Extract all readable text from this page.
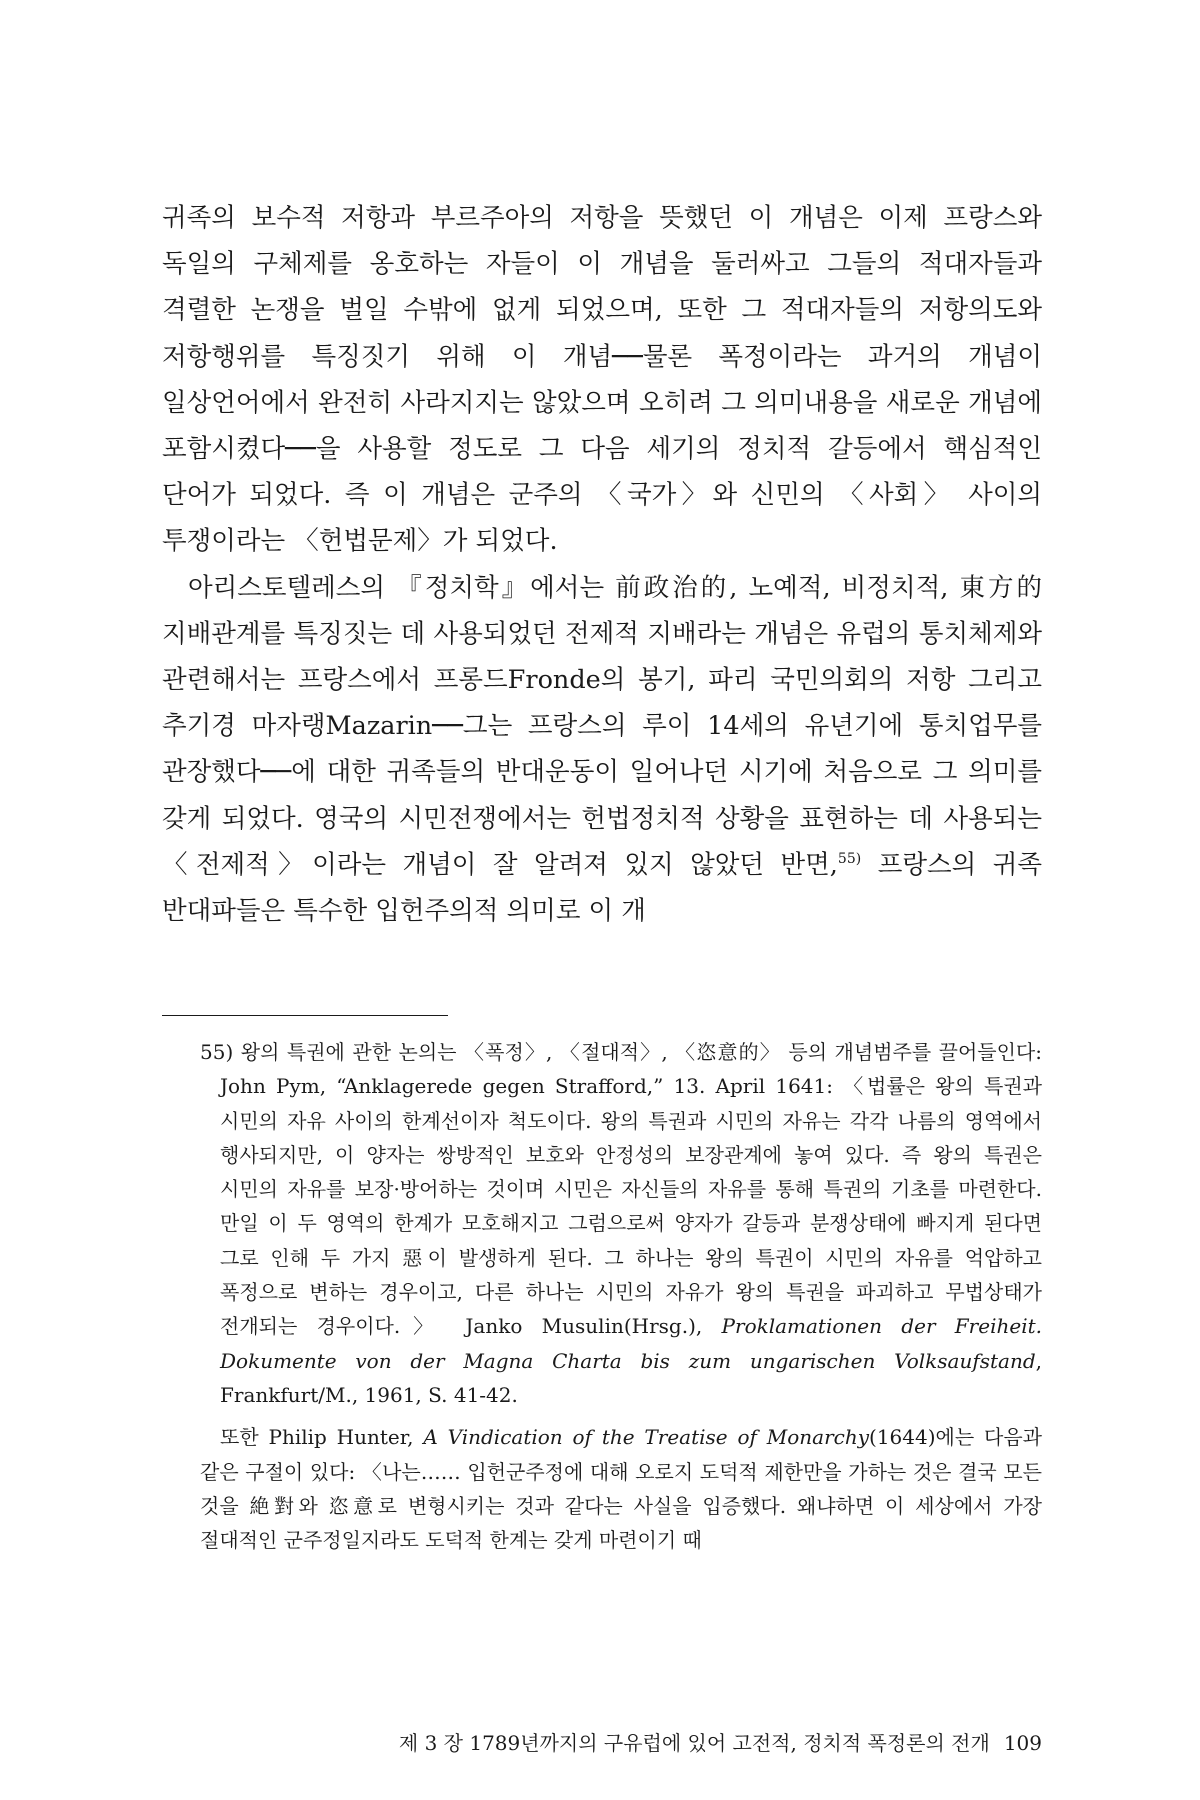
귀족의 보수적 저항과 부르주아의 저항을 뜻했던 이 개념은 이제 프랑스와 독일의 구체제를 옹호하는 자들이 이 개념을 둘러싸고 그들의 적대자들과 격렬한 논쟁을 벌일 수밖에 없게 되었으며, 또한 그 적대자들의 저항의도와 저항행위를 특징짓기 위해 이 개념──물론 폭정이라는 과거의 개념이 일상언어에서 완전히 사라지지는 않았으며 오히려 그 의미내용을 새로운 개념에 포함시켰다──을 사용할 정도로 그 다음 세기의 정치적 갈등에서 핵심적인 단어가 되었다. 즉 이 개념은 군주의 〈국가〉와 신민의 〈사회〉 사이의 투쟁이라는 〈헌법문제〉가 되었다.

아리스토텔레스의 『정치학』에서는 前政治的, 노예적, 비정치적, 東方的 지배관계를 특징짓는 데 사용되었던 전제적 지배라는 개념은 유럽의 통치체제와 관련해서는 프랑스에서 프롱드Fronde의 봉기, 파리 국민의회의 저항 그리고 추기경 마자랭Mazarin──그는 프랑스의 루이 14세의 유년기에 통치업무를 관장했다──에 대한 귀족들의 반대운동이 일어나던 시기에 처음으로 그 의미를 갖게 되었다. 영국의 시민전쟁에서는 헌법정치적 상황을 표현하는 데 사용되는 〈전제적〉이라는 개념이 잘 알려져 있지 않았던 반면,$^{55)}$ 프랑스의 귀족 반대파들은 특수한 입헌주의적 의미로 이 개

55) 왕의 특권에 관한 논의는 〈폭정〉, 〈절대적〉, 〈恣意的〉 등의 개념범주를 끌어들인다: John Pym, “Anklagerede gegen Strafford,” 13. April 1641: 〈법률은 왕의 특권과 시민의 자유 사이의 한계선이자 척도이다. 왕의 특권과 시민의 자유는 각각 나름의 영역에서 행사되지만, 이 양자는 쌍방적인 보호와 안정성의 보장관계에 놓여 있다. 즉 왕의 특권은 시민의 자유를 보장·방어하는 것이며 시민은 자신들의 자유를 통해 특권의 기초를 마련한다. 만일 이 두 영역의 한계가 모호해지고 그럼으로써 양자가 갈등과 분쟁상태에 빠지게 된다면 그로 인해 두 가지 惡이 발생하게 된다. 그 하나는 왕의 특권이 시민의 자유를 억압하고 폭정으로 변하는 경우이고, 다른 하나는 시민의 자유가 왕의 특권을 파괴하고 무법상태가 전개되는 경우이다.〉 Janko Musulin(Hrsg.), Proklamationen der Freiheit. Dokumente von der Magna Charta bis zum ungarischen Volksaufstand, Frankfurt/M., 1961, S. 41-42.

또한 Philip Hunter, A Vindication of the Treatise of Monarchy(1644)에는 다음과 같은 구절이 있다: 〈나는…… 입헌군주정에 대해 오로지 도덕적 제한만을 가하는 것은 결국 모든 것을 絶對와 恣意로 변형시키는 것과 같다는 사실을 입증했다. 왜냐하면 이 세상에서 가장 절대적인 군주정일지라도 도덕적 한계는 갖게 마련이기 때

제 3 장 1789년까지의 구유럽에 있어 고전적, 정치적 폭정론의 전개 109
